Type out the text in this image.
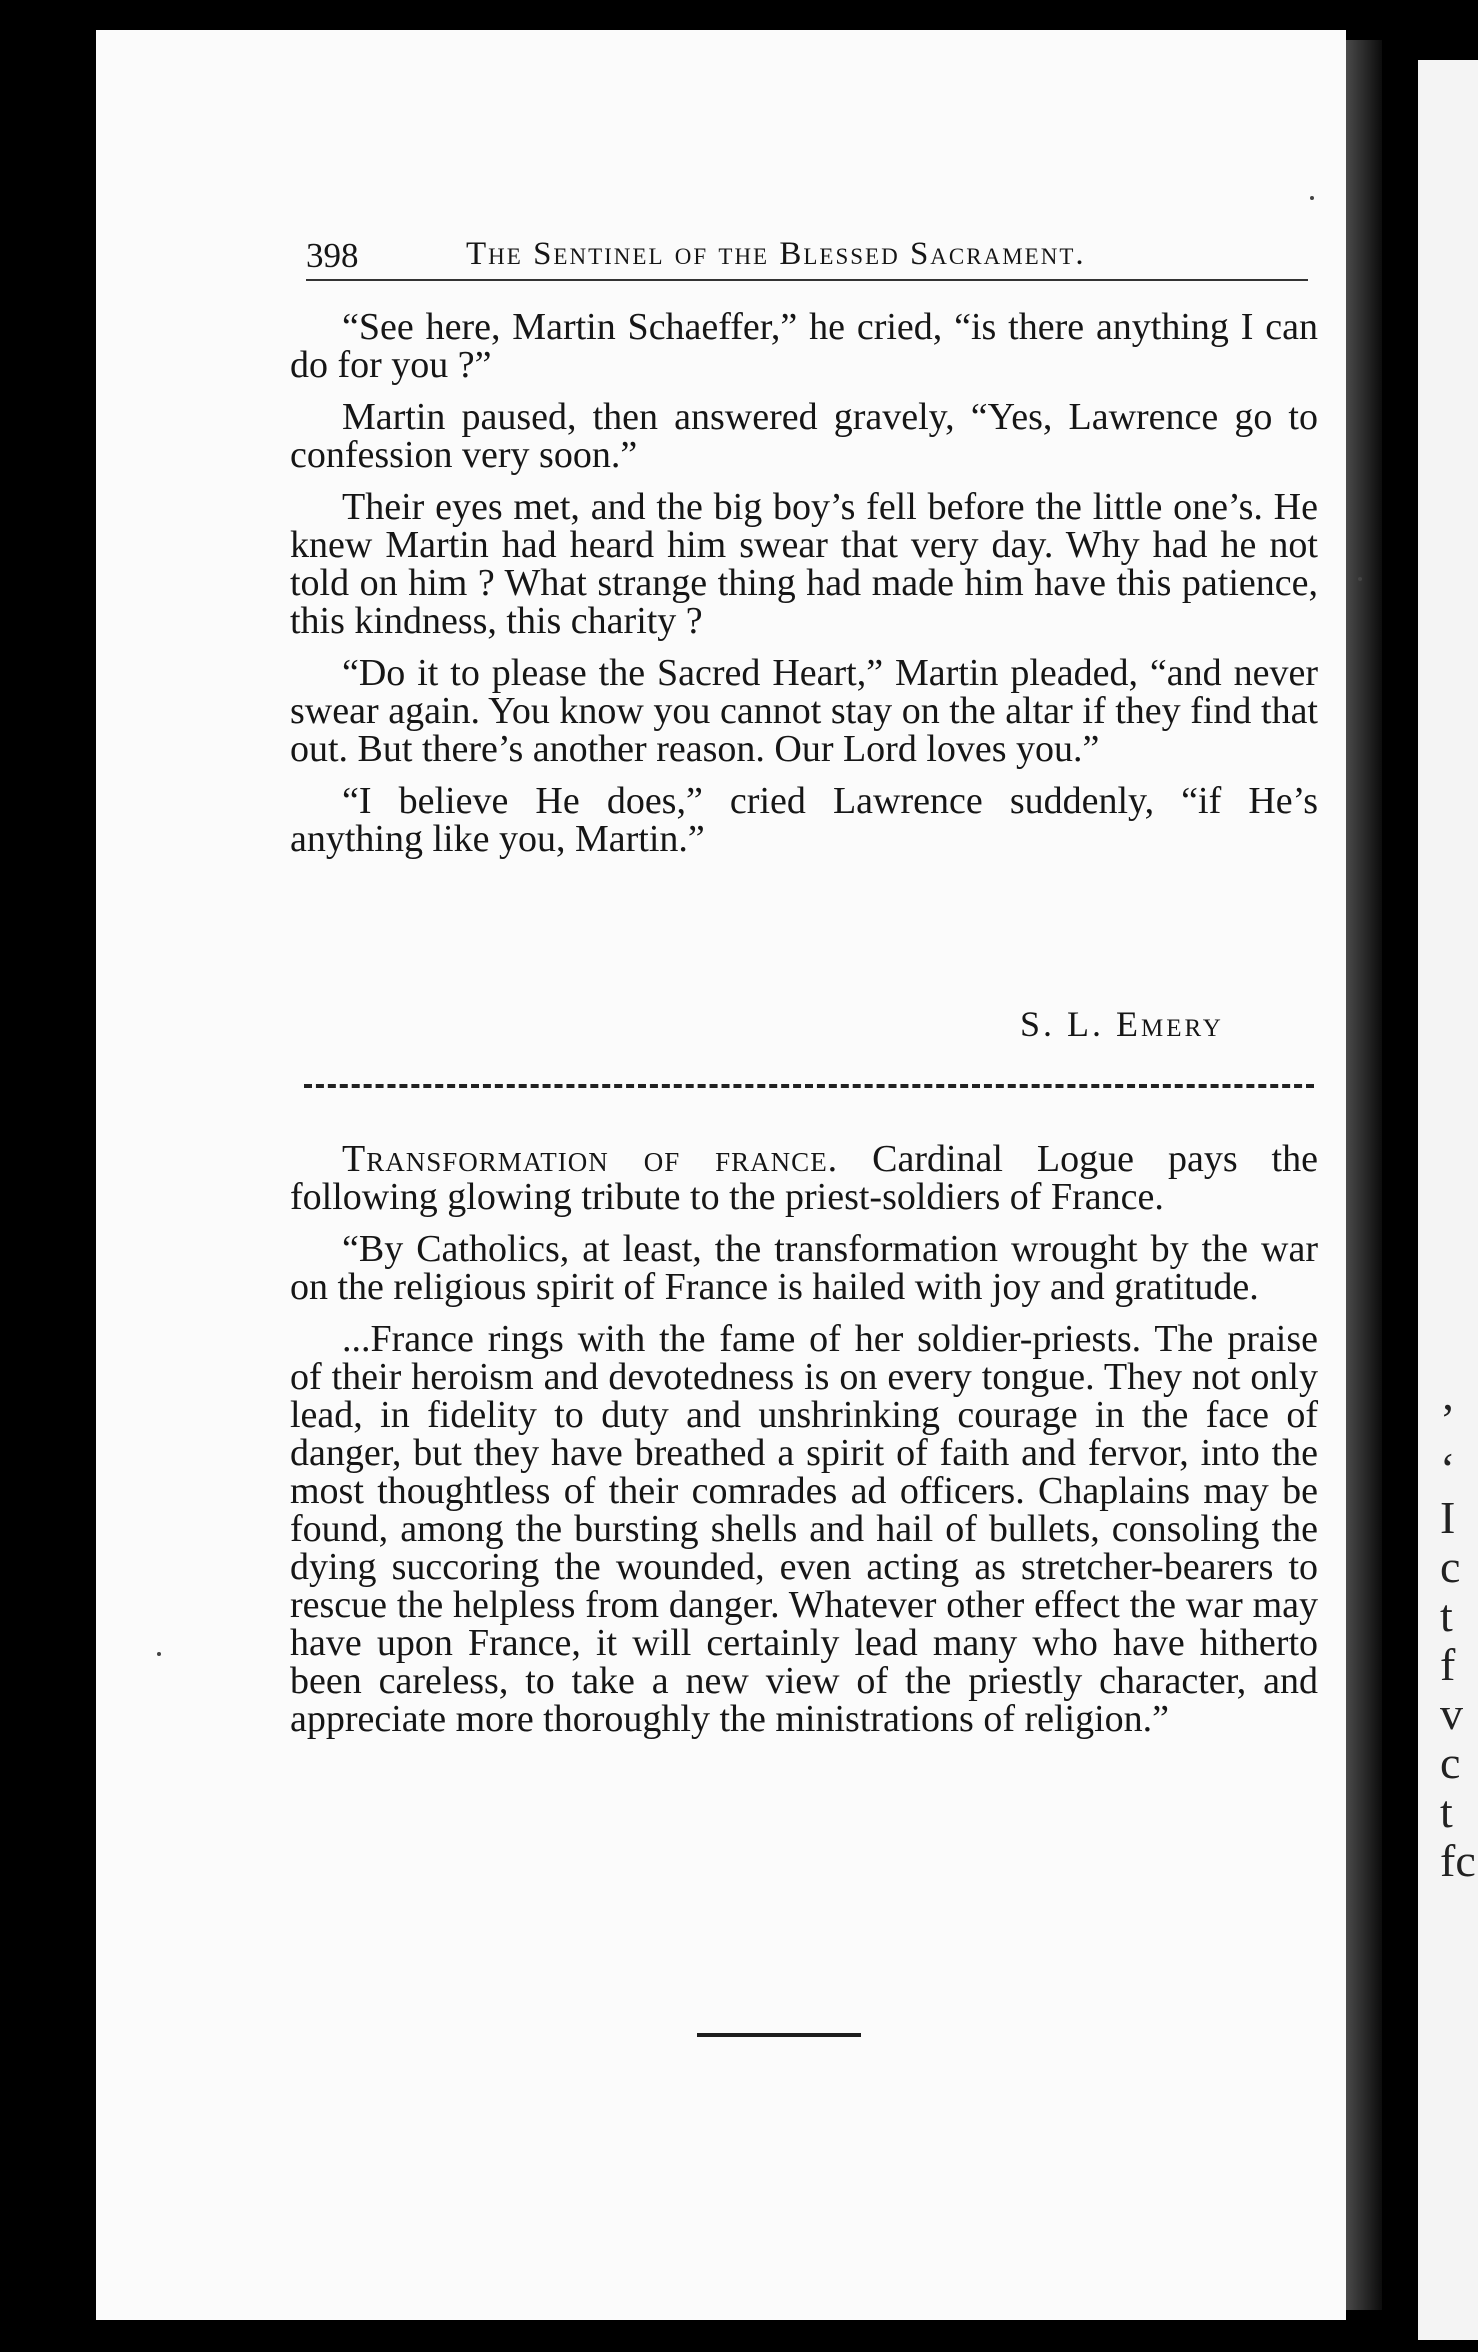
’
‘
I
c
t
f
v
c
t
fc
398	The Sentinel of the Blessed Sacrament.

“See here, Martin Schaeffer,” he cried, “is there anything I can do for you ?”

Martin paused, then answered gravely, “Yes, Lawrence go to confession very soon.”

Their eyes met, and the big boy’s fell before the little one’s. He knew Martin had heard him swear that very day. Why had he not told on him ? What strange thing had made him have this patience, this kindness, this charity ?

“Do it to please the Sacred Heart,” Martin pleaded, “and never swear again. You know you cannot stay on the altar if they find that out. But there’s another reason. Our Lord loves you.”

“I believe He does,” cried Lawrence suddenly, “if He’s anything like you, Martin.”

S. L. Emery

Transformation of france. Cardinal Logue pays the following glowing tribute to the priest-soldiers of France.

“By Catholics, at least, the transformation wrought by the war on the religious spirit of France is hailed with joy and gratitude.

...France rings with the fame of her soldier-priests. The praise of their heroism and devotedness is on every tongue. They not only lead, in fidelity to duty and unshrinking courage in the face of danger, but they have breathed a spirit of faith and fervor, into the most thoughtless of their comrades ad officers. Chaplains may be found, among the bursting shells and hail of bullets, consoling the dying succoring the wounded, even acting as stretcher-bearers to rescue the helpless from danger. Whatever other effect the war may have upon France, it will certainly lead many who have hitherto been careless, to take a new view of the priestly character, and appreciate more thoroughly the ministrations of religion.”
